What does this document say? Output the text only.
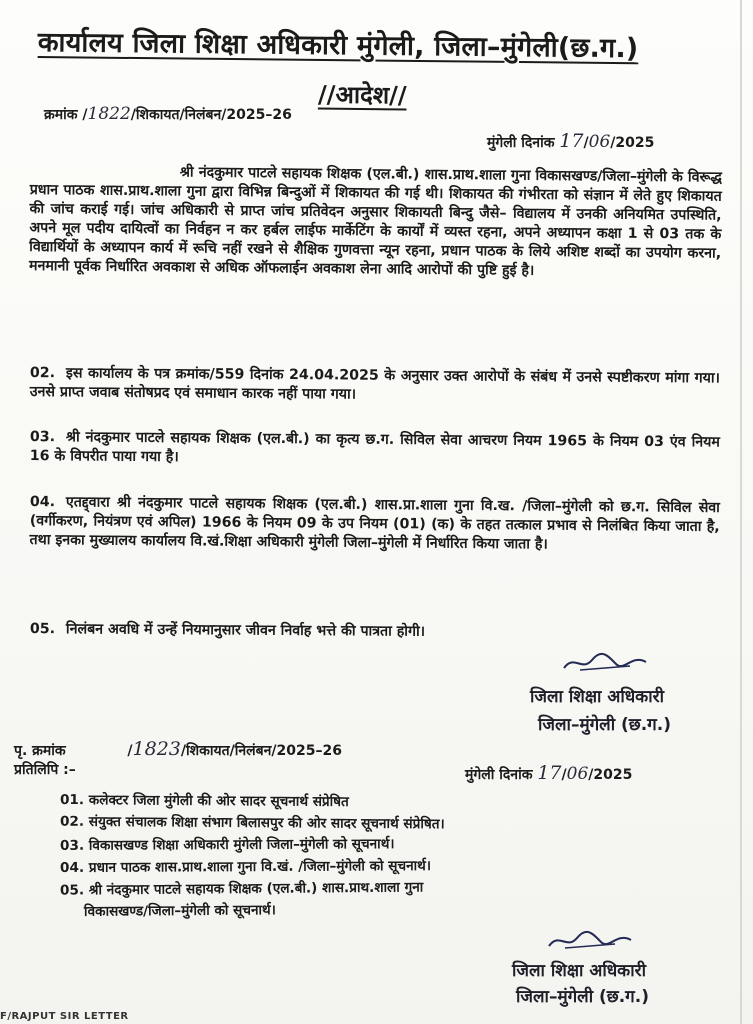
कार्यालय जिला शिक्षा अधिकारी मुंगेली, जिला–मुंगेली(छ.ग.)
//आदेश//
क्रमांक /1822/शिकायत/निलंबन/2025–26
मुंगेली दिनांक 17/06/2025
श्री नंदकुमार पाटले सहायक शिक्षक (एल.बी.) शास.प्राथ.शाला गुना विकासखण्ड/जिला–मुंगेली के विरूद्ध प्रधान पाठक शास.प्राथ.शाला गुना द्वारा विभिन्न बिन्दुओं में शिकायत की गई थी। शिकायत की गंभीरता को संज्ञान में लेते हुए शिकायत की जांच कराई गई। जांच अधिकारी से प्राप्त जांच प्रतिवेदन अनुसार शिकायती बिन्दु जैसे– विद्यालय में उनकी अनियमित उपस्थिति, अपने मूल पदीय दायित्वों का निर्वहन न कर हर्बल लाईफ मार्केटिंग के कार्यों में व्यस्त रहना, अपने अध्यापन कक्षा 1 से 03 तक के विद्यार्थियों के अध्यापन कार्य में रूचि नहीं रखने से शैक्षिक गुणवत्ता न्यून रहना, प्रधान पाठक के लिये अशिष्ट शब्दों का उपयोग करना, मनमानी पूर्वक निर्धारित अवकाश से अधिक ऑफलाईन अवकाश लेना आदि आरोपों की पुष्टि हुई है।
02. इस कार्यालय के पत्र क्रमांक/559 दिनांक 24.04.2025 के अनुसार उक्त आरोपों के संबंध में उनसे स्पष्टीकरण मांगा गया। उनसे प्राप्त जवाब संतोषप्रद एवं समाधान कारक नहीं पाया गया।
03. श्री नंदकुमार पाटले सहायक शिक्षक (एल.बी.) का कृत्य छ.ग. सिविल सेवा आचरण नियम 1965 के नियम 03 एंव नियम 16 के विपरीत पाया गया है।
04. एतद्द्वारा श्री नंदकुमार पाटले सहायक शिक्षक (एल.बी.) शास.प्रा.शाला गुना वि.ख. /जिला–मुंगेली को छ.ग. सिविल सेवा (वर्गीकरण, नियंत्रण एवं अपिल) 1966 के नियम 09 के उप नियम (01) (क) के तहत तत्काल प्रभाव से निलंबित किया जाता है, तथा इनका मुख्यालय कार्यालय वि.खं.शिक्षा अधिकारी मुंगेली जिला–मुंगेली में निर्धारित किया जाता है।
05. निलंबन अवधि में उन्हें नियमानुसार जीवन निर्वाह भत्ते की पात्रता होगी।
जिला शिक्षा अधिकारी
जिला–मुंगेली (छ.ग.)
पृ. क्रमांक	/1823/शिकायत/निलंबन/2025–26
प्रतिलिपि :–	मुंगेली दिनांक 17/06/2025
01. कलेक्टर जिला मुंगेली की ओर सादर सूचनार्थ संप्रेषित
02. संयुक्त संचालक शिक्षा संभाग बिलासपुर की ओर सादर सूचनार्थ संप्रेषित।
03. विकासखण्ड शिक्षा अधिकारी मुंगेली जिला–मुंगेली को सूचनार्थ।
04. प्रधान पाठक शास.प्राथ.शाला गुना वि.खं. /जिला–मुंगेली को सूचनार्थ।
05. श्री नंदकुमार पाटले सहायक शिक्षक (एल.बी.) शास.प्राथ.शाला गुना
विकासखण्ड/जिला–मुंगेली को सूचनार्थ।
जिला शिक्षा अधिकारी
जिला–मुंगेली (छ.ग.)
F/RAJPUT SIR LETTER
